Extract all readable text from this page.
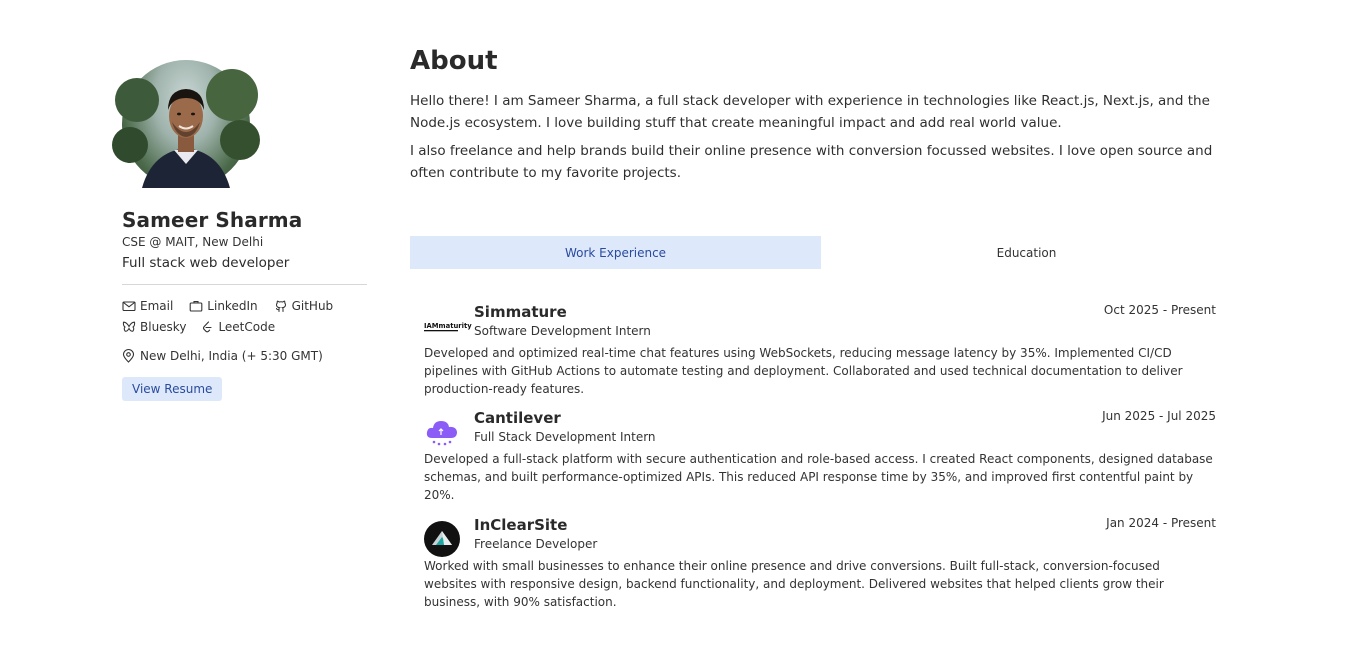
Sameer Sharma
CSE @ MAIT, New Delhi
Full stack web developer
Email	LinkedIn	GitHub
Bluesky	LeetCode
New Delhi, India (+ 5:30 GMT)
View Resume
About

Hello there! I am Sameer Sharma, a full stack developer with experience in technologies like React.js, Next.js, and the Node.js ecosystem. I love building stuff that create meaningful impact and add real world value.

I also freelance and help brands build their online presence with conversion focussed websites. I love open source and often contribute to my favorite projects.

Work Experience	Education
IAMmaturity
Simmature
Software Development Intern
Oct 2025 - Present

Developed and optimized real-time chat features using WebSockets, reducing message latency by 35%. Implemented CI/CD pipelines with GitHub Actions to automate testing and deployment. Collaborated and used technical documentation to deliver production-ready features.

Cantilever
Full Stack Development Intern
Jun 2025 - Jul 2025

Developed a full-stack platform with secure authentication and role-based access. I created React components, designed database schemas, and built performance-optimized APIs. This reduced API response time by 35%, and improved first contentful paint by 20%.

InClearSite
Freelance Developer
Jan 2024 - Present

Worked with small businesses to enhance their online presence and drive conversions. Built full-stack, conversion-focused websites with responsive design, backend functionality, and deployment. Delivered websites that helped clients grow their business, with 90% satisfaction.
